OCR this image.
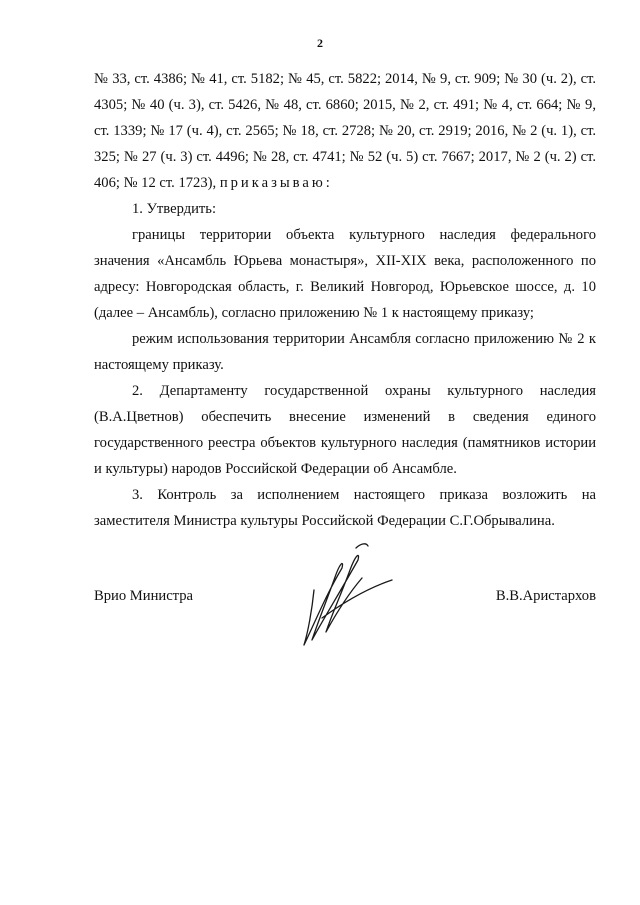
2

№ 33, ст. 4386; № 41, ст. 5182; № 45, ст. 5822; 2014, № 9, ст. 909; № 30 (ч. 2), ст. 4305; № 40 (ч. 3), ст. 5426, № 48, ст. 6860; 2015, № 2, ст. 491; № 4, ст. 664; № 9, ст. 1339; № 17 (ч. 4), ст. 2565; № 18, ст. 2728; № 20, ст. 2919; 2016, № 2 (ч. 1), ст. 325; № 27 (ч. 3) ст. 4496; № 28, ст. 4741; № 52 (ч. 5) ст. 7667; 2017, № 2 (ч. 2) ст. 406; № 12 ст. 1723), приказываю:

1. Утвердить:

границы территории объекта культурного наследия федерального значения «Ансамбль Юрьева монастыря», XII-XIX века, расположенного по адресу: Новгородская область, г. Великий Новгород, Юрьевское шоссе, д. 10 (далее – Ансамбль), согласно приложению № 1 к настоящему приказу;

режим использования территории Ансамбля согласно приложению № 2 к настоящему приказу.

2. Департаменту государственной охраны культурного наследия (В.А.Цветнов) обеспечить внесение изменений в сведения единого государственного реестра объектов культурного наследия (памятников истории и культуры) народов Российской Федерации об Ансамбле.

3. Контроль за исполнением настоящего приказа возложить на заместителя Министра культуры Российской Федерации С.Г.Обрывалина.

Врио Министра	В.В.Аристархов
